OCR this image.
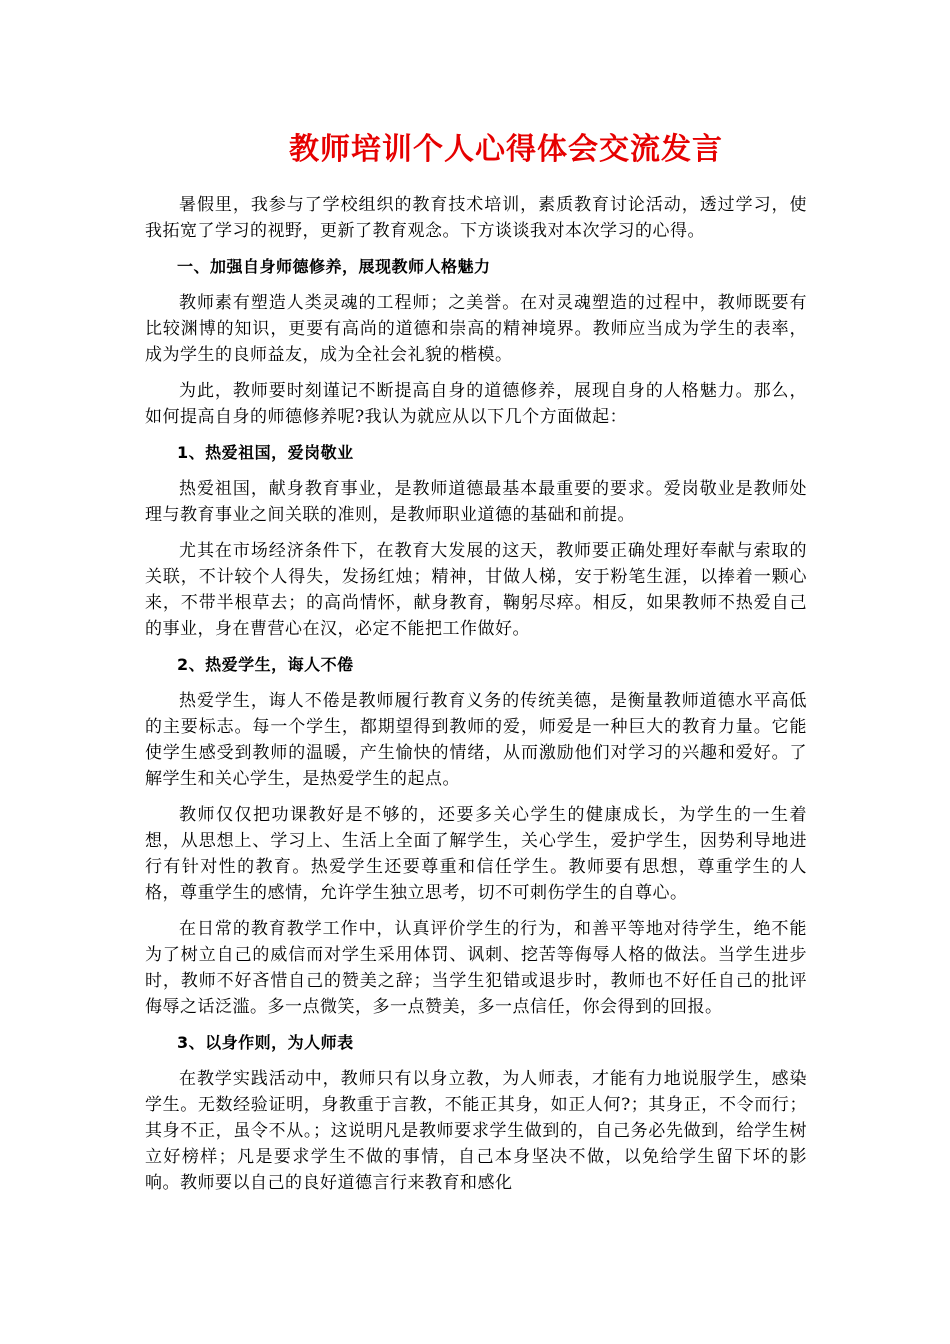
教师培训个人心得体会交流发言

暑假里，我参与了学校组织的教育技术培训，素质教育讨论活动，透过学习，使我拓宽了学习的视野，更新了教育观念。下方谈谈我对本次学习的心得。

一、加强自身师德修养，展现教师人格魅力

教师素有塑造人类灵魂的工程师；之美誉。在对灵魂塑造的过程中，教师既要有比较渊博的知识，更要有高尚的道德和崇高的精神境界。教师应当成为学生的表率，成为学生的良师益友，成为全社会礼貌的楷模。

为此，教师要时刻谨记不断提高自身的道德修养，展现自身的人格魅力。那么，如何提高自身的师德修养呢?我认为就应从以下几个方面做起：

1、热爱祖国，爱岗敬业

热爱祖国，献身教育事业，是教师道德最基本最重要的要求。爱岗敬业是教师处理与教育事业之间关联的准则，是教师职业道德的基础和前提。

尤其在市场经济条件下，在教育大发展的这天，教师要正确处理好奉献与索取的关联，不计较个人得失，发扬红烛；精神，甘做人梯，安于粉笔生涯，以捧着一颗心来，不带半根草去；的高尚情怀，献身教育，鞠躬尽瘁。相反，如果教师不热爱自己的事业，身在曹营心在汉，必定不能把工作做好。

2、热爱学生，诲人不倦

热爱学生，诲人不倦是教师履行教育义务的传统美德，是衡量教师道德水平高低的主要标志。每一个学生，都期望得到教师的爱，师爱是一种巨大的教育力量。它能使学生感受到教师的温暖，产生愉快的情绪，从而激励他们对学习的兴趣和爱好。了解学生和关心学生，是热爱学生的起点。

教师仅仅把功课教好是不够的，还要多关心学生的健康成长，为学生的一生着想，从思想上、学习上、生活上全面了解学生，关心学生，爱护学生，因势利导地进行有针对性的教育。热爱学生还要尊重和信任学生。教师要有思想，尊重学生的人格，尊重学生的感情，允许学生独立思考，切不可刺伤学生的自尊心。

在日常的教育教学工作中，认真评价学生的行为，和善平等地对待学生，绝不能为了树立自己的威信而对学生采用体罚、讽刺、挖苦等侮辱人格的做法。当学生进步时，教师不好吝惜自己的赞美之辞；当学生犯错或退步时，教师也不好任自己的批评侮辱之话泛滥。多一点微笑，多一点赞美，多一点信任，你会得到的回报。

3、以身作则，为人师表

在教学实践活动中，教师只有以身立教，为人师表，才能有力地说服学生，感染学生。无数经验证明，身教重于言教，不能正其身，如正人何?；其身正，不令而行；其身不正，虽令不从。；这说明凡是教师要求学生做到的，自己务必先做到，给学生树立好榜样；凡是要求学生不做的事情，自己本身坚决不做，以免给学生留下坏的影响。教师要以自己的良好道德言行来教育和感化
